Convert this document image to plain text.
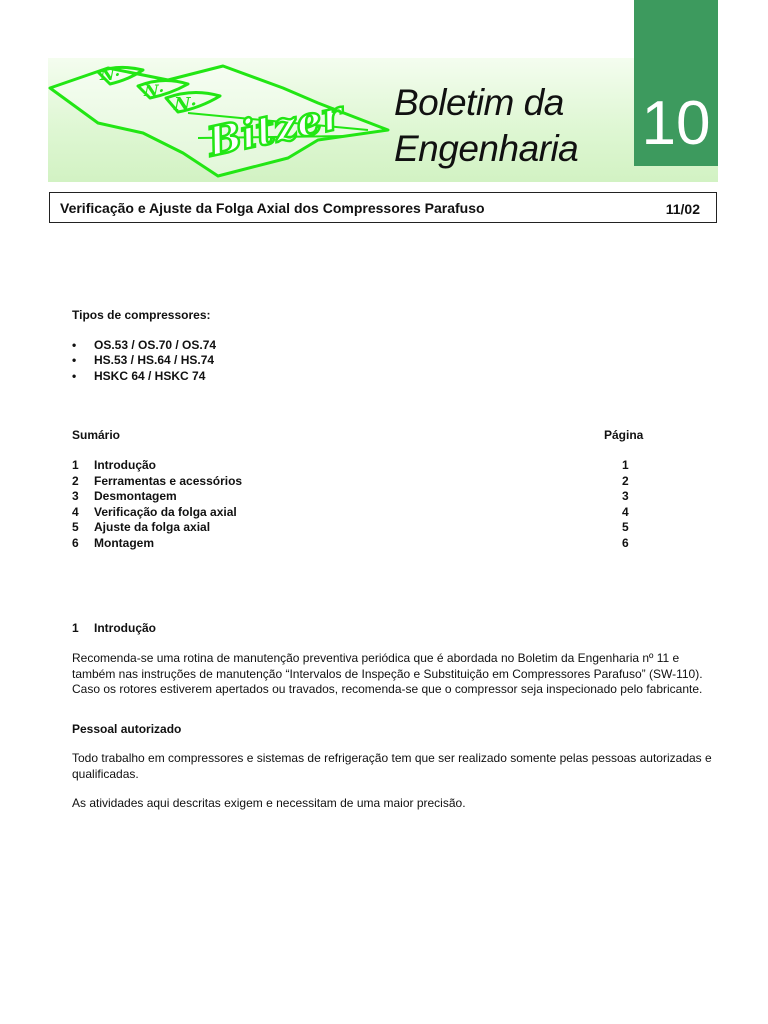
N·
N·
N· Bitzer Boletim da
Engenharia	10
Verificação e Ajuste da Folga Axial dos Compressores Parafuso	11/02
Tipos de compressores:
• OS.53 / OS.70 / OS.74
• HS.53 / HS.64 / HS.74
• HSKC 64 / HSKC 74
Sumário	Página
1 Introdução	1
2 Ferramentas e acessórios	2
3 Desmontagem	3
4 Verificação da folga axial	4
5 Ajuste da folga axial	5
6 Montagem	6
1 Introdução
Recomenda-se uma rotina de manutenção preventiva periódica que é abordada no Boletim da Engenharia nº 11 e também nas instruções de manutenção “Intervalos de Inspeção e Substituição em Compressores Parafuso” (SW-110).
Caso os rotores estiverem apertados ou travados, recomenda-se que o compressor seja inspecionado pelo fabricante.
Pessoal autorizado
Todo trabalho em compressores e sistemas de refrigeração tem que ser realizado somente pelas pessoas autorizadas e qualificadas.
As atividades aqui descritas exigem e necessitam de uma maior precisão.
